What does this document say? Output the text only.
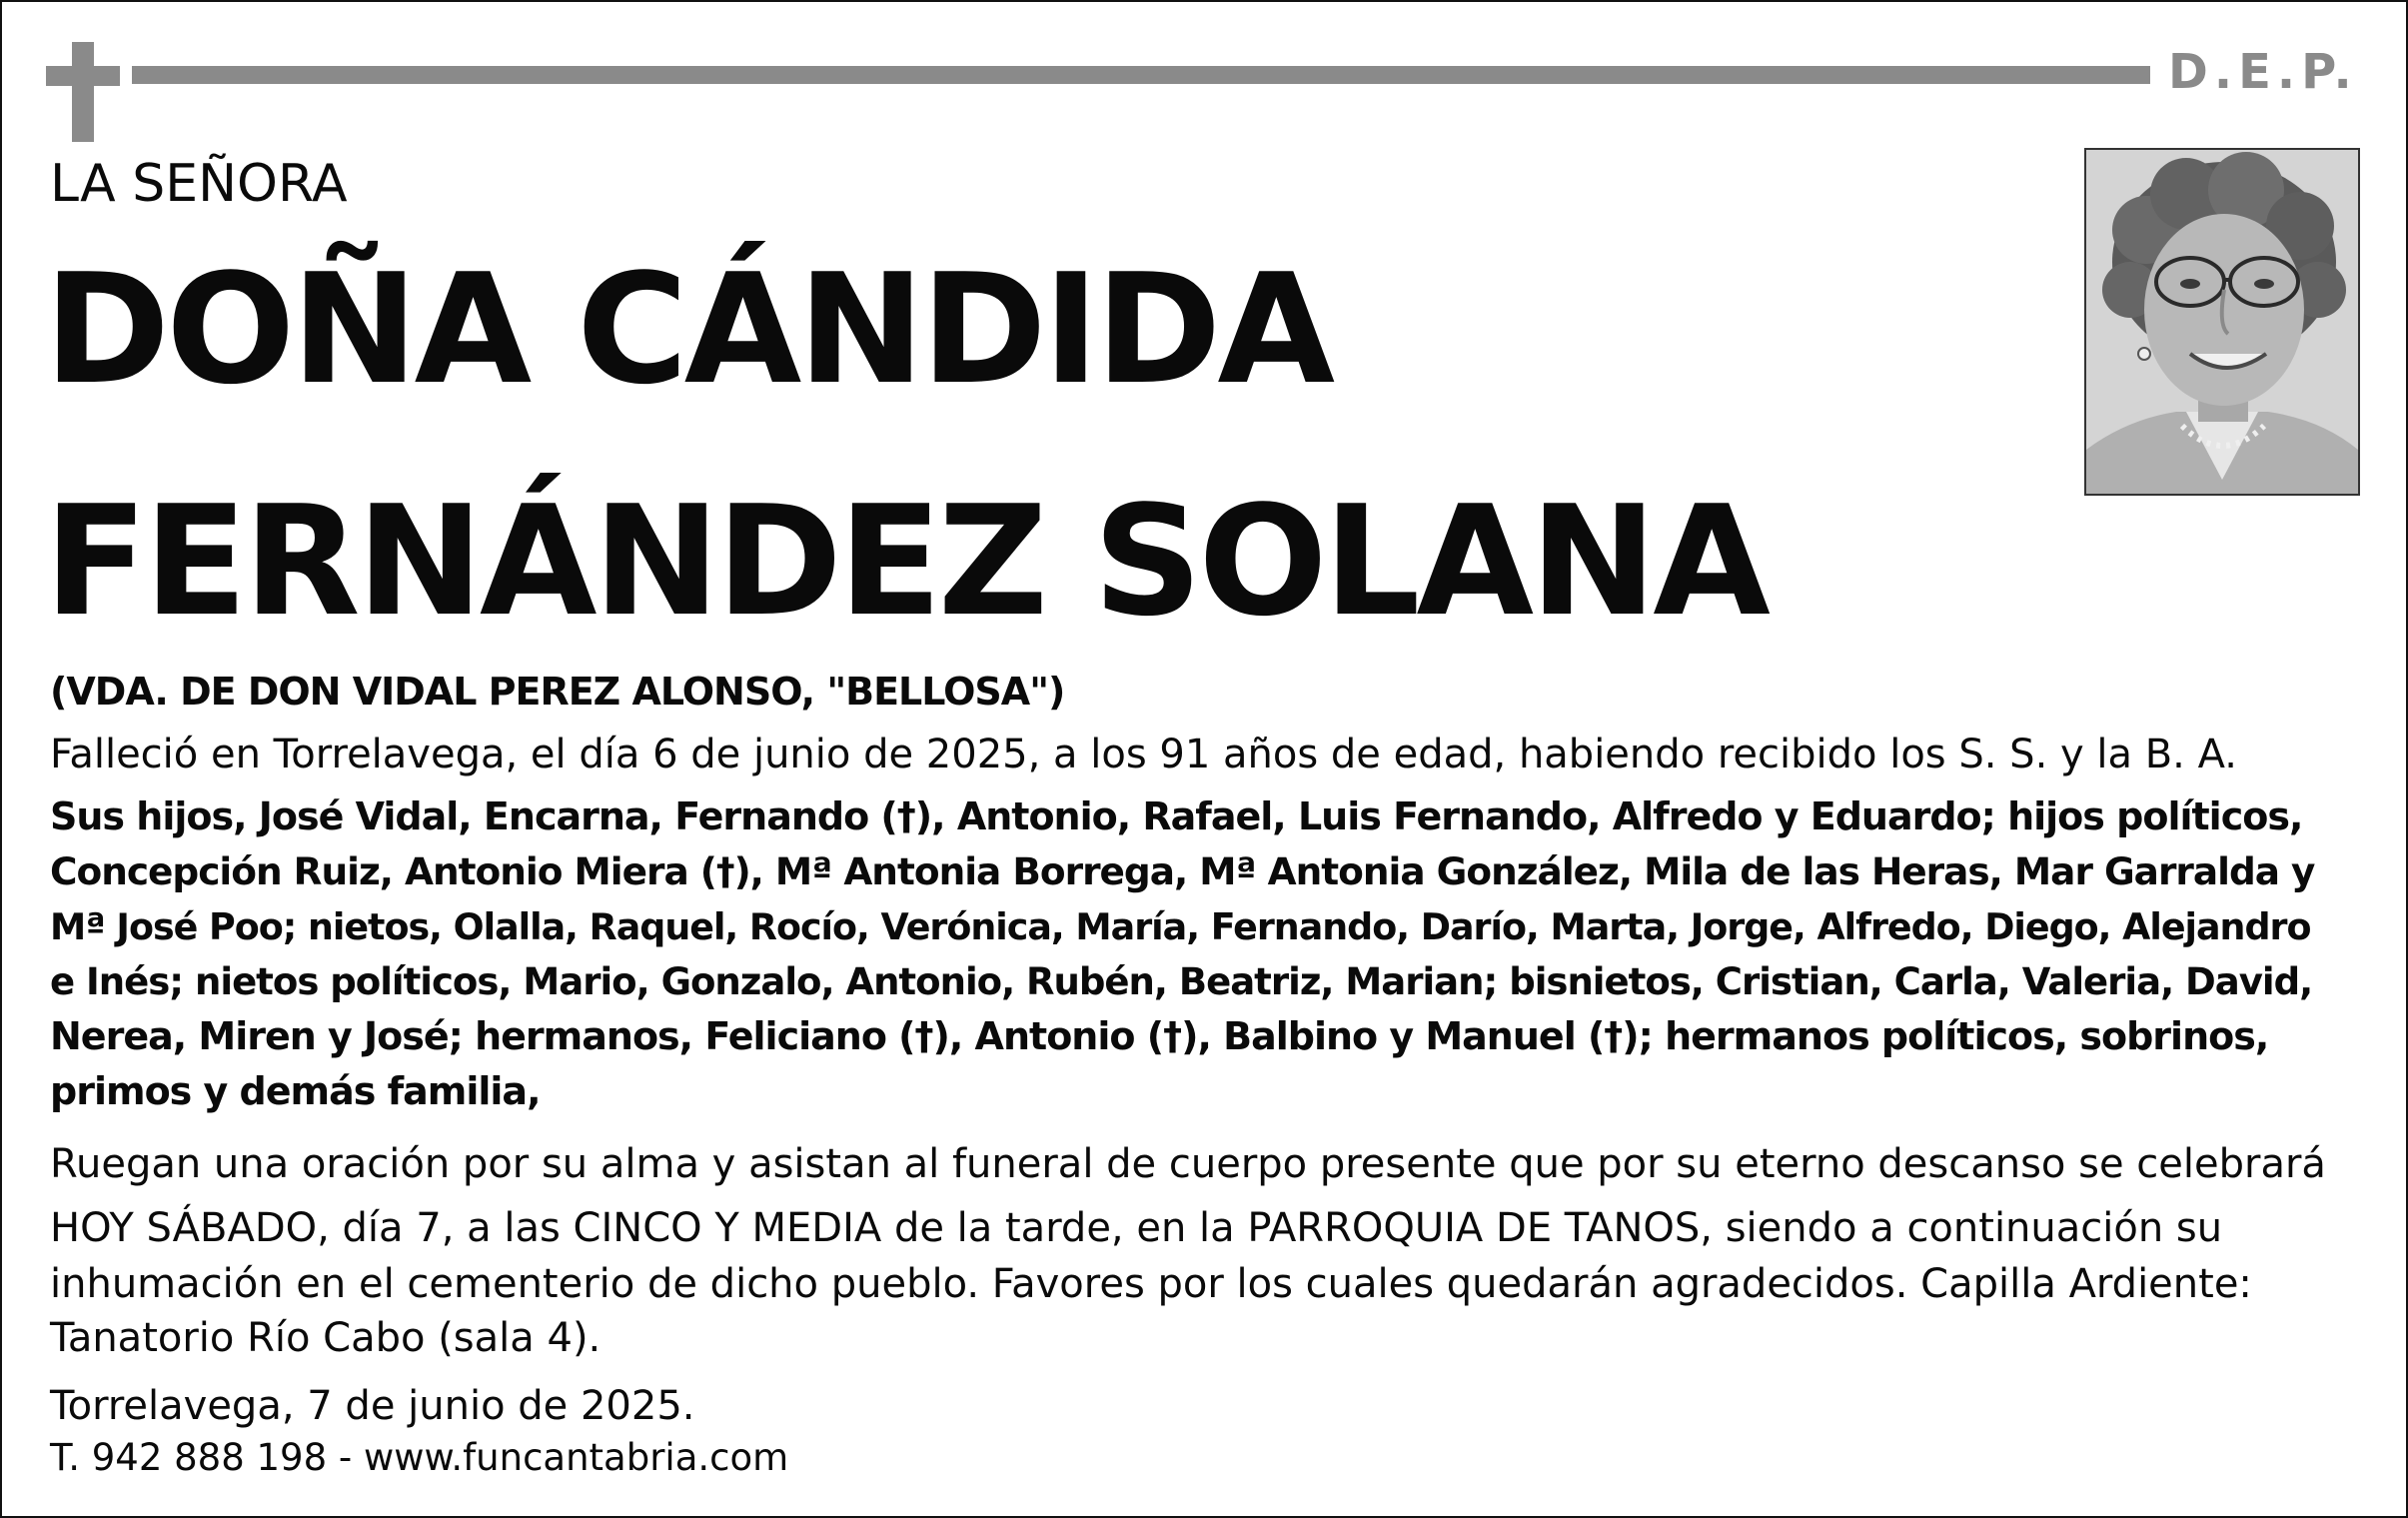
D.E.P.
LA SEÑORA
DOÑA CÁNDIDA
FERNÁNDEZ SOLANA
(VDA. DE DON VIDAL PEREZ ALONSO, "BELLOSA")
Falleció en Torrelavega, el día 6 de junio de 2025, a los 91 años de edad, habiendo recibido los S. S. y la B. A.
Sus hijos, José Vidal, Encarna, Fernando (†), Antonio, Rafael, Luis Fernando, Alfredo y Eduardo; hijos políticos,
Concepción Ruiz, Antonio Miera (†), Mª Antonia Borrega, Mª Antonia González, Mila de las Heras, Mar Garralda y
Mª José Poo; nietos, Olalla, Raquel, Rocío, Verónica, María, Fernando, Darío, Marta, Jorge, Alfredo, Diego, Alejandro
e Inés; nietos políticos, Mario, Gonzalo, Antonio, Rubén, Beatriz, Marian; bisnietos, Cristian, Carla, Valeria, David,
Nerea, Miren y José; hermanos, Feliciano (†), Antonio (†), Balbino y Manuel (†); hermanos políticos, sobrinos,
primos y demás familia,
Ruegan una oración por su alma y asistan al funeral de cuerpo presente que por su eterno descanso se celebrará
HOY SÁBADO, día 7, a las CINCO Y MEDIA de la tarde, en la PARROQUIA DE TANOS, siendo a continuación su
inhumación en el cementerio de dicho pueblo. Favores por los cuales quedarán agradecidos. Capilla Ardiente:
Tanatorio Río Cabo (sala 4).
Torrelavega, 7 de junio de 2025.
T. 942 888 198 - www.funcantabria.com
